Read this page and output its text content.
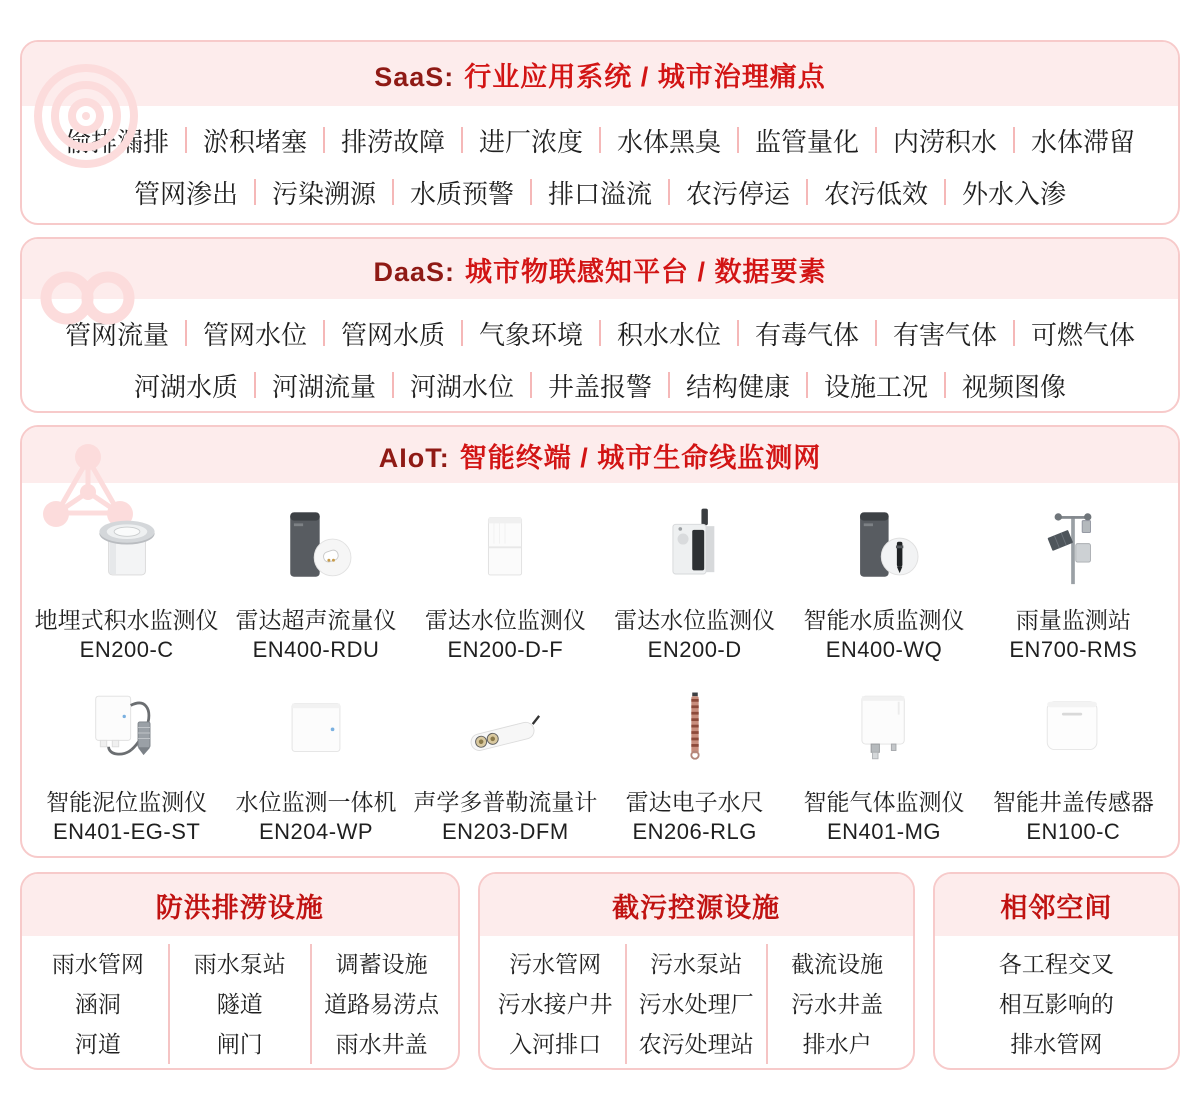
SaaS: 行业应用系统 / 城市治理痛点
偷排漏排 淤积堵塞 排涝故障 进厂浓度 水体黑臭 监管量化 内涝积水 水体滞留
管网渗出 污染溯源 水质预警 排口溢流 农污停运 农污低效 外水入渗
DaaS: 城市物联感知平台 / 数据要素
管网流量 管网水位 管网水质 气象环境 积水水位 有毒气体 有害气体 可燃气体
河湖水质 河湖流量 河湖水位 井盖报警 结构健康 设施工况 视频图像
AIoT: 智能终端 / 城市生命线监测网
地埋式积水监测仪
EN200-C
雷达超声流量仪
EN400-RDU
雷达水位监测仪
EN200-D-F
雷达水位监测仪
EN200-D
智能水质监测仪
EN400-WQ
雨量监测站
EN700-RMS
智能泥位监测仪
EN401-EG-ST
水位监测一体机
EN204-WP
声学多普勒流量计
EN203-DFM
雷达电子水尺
EN206-RLG
智能气体监测仪
EN401-MG
智能井盖传感器
EN100-C
防洪排涝设施
雨水管网
涵洞
河道
雨水泵站
隧道
闸门
调蓄设施
道路易涝点
雨水井盖
截污控源设施
污水管网
污水接户井
入河排口
污水泵站
污水处理厂
农污处理站
截流设施
污水井盖
排水户
相邻空间
各工程交叉
相互影响的
排水管网
